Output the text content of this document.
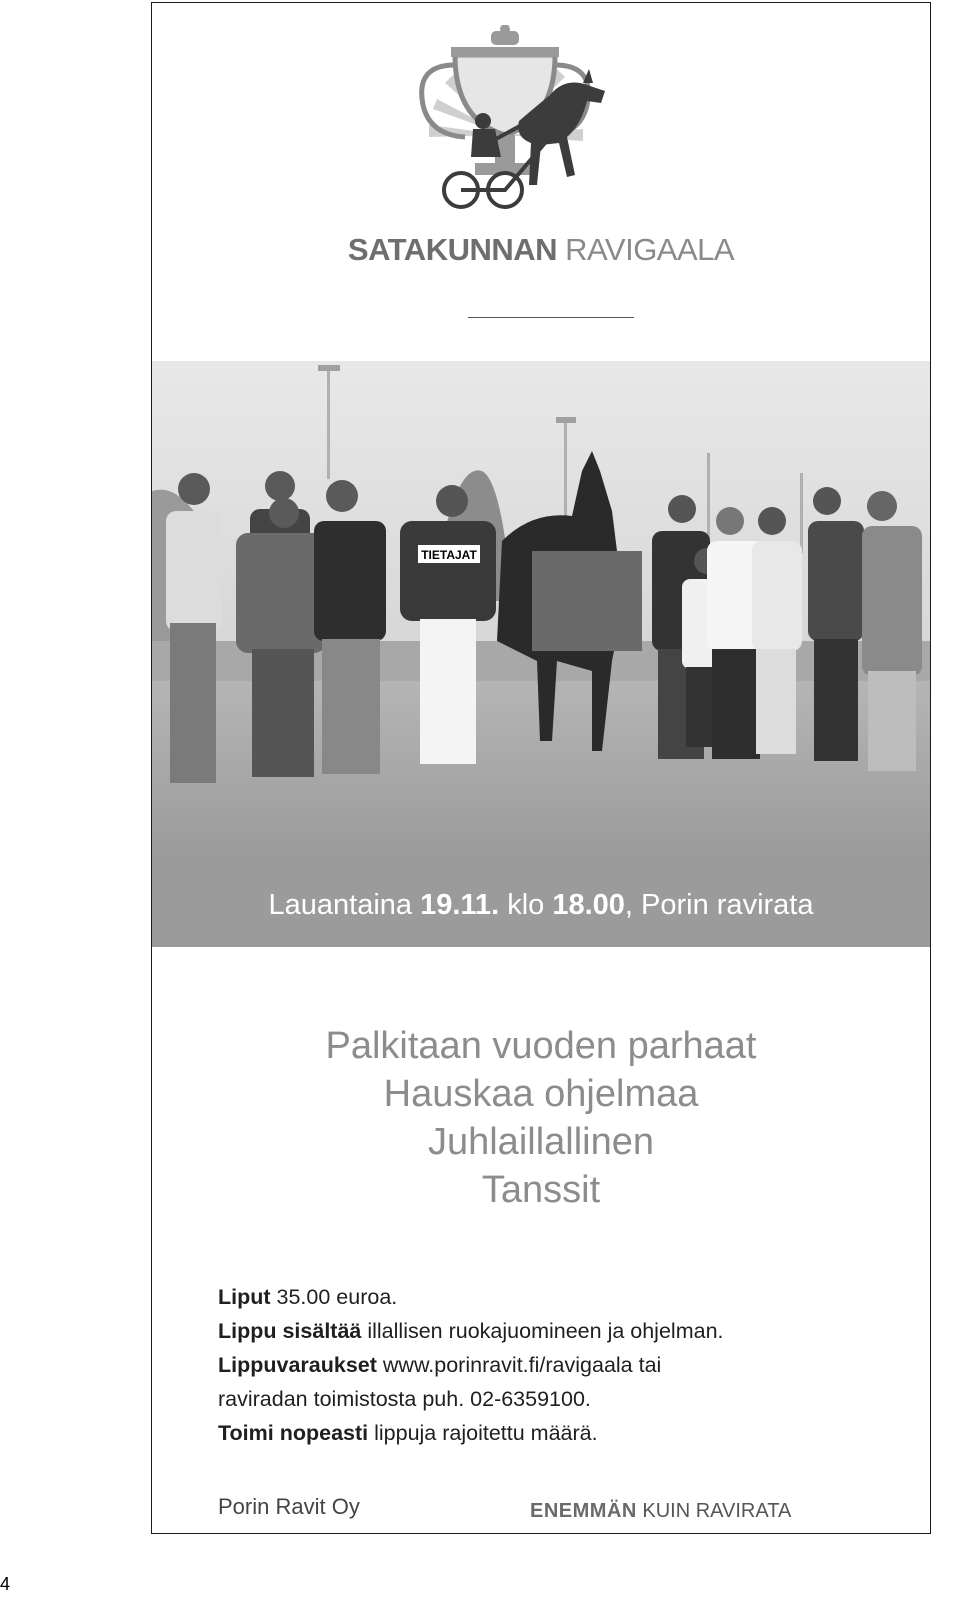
SATAKUNNAN RAVIGAALA
TIETAJAT
Lauantaina 19.11. klo 18.00, Porin ravirata
Palkitaan vuoden parhaat
Hauskaa ohjelmaa
Juhlaillallinen
Tanssit
Liput 35.00 euroa.
Lippu sisältää illallisen ruokajuomineen ja ohjelman.
Lippuvaraukset www.porinravit.fi/ravigaala tai
raviradan toimistosta puh. 02-6359100.
Toimi nopeasti lippuja rajoitettu määrä.
Porin Ravit Oy	ENEMMÄN KUIN RAVIRATA
4
